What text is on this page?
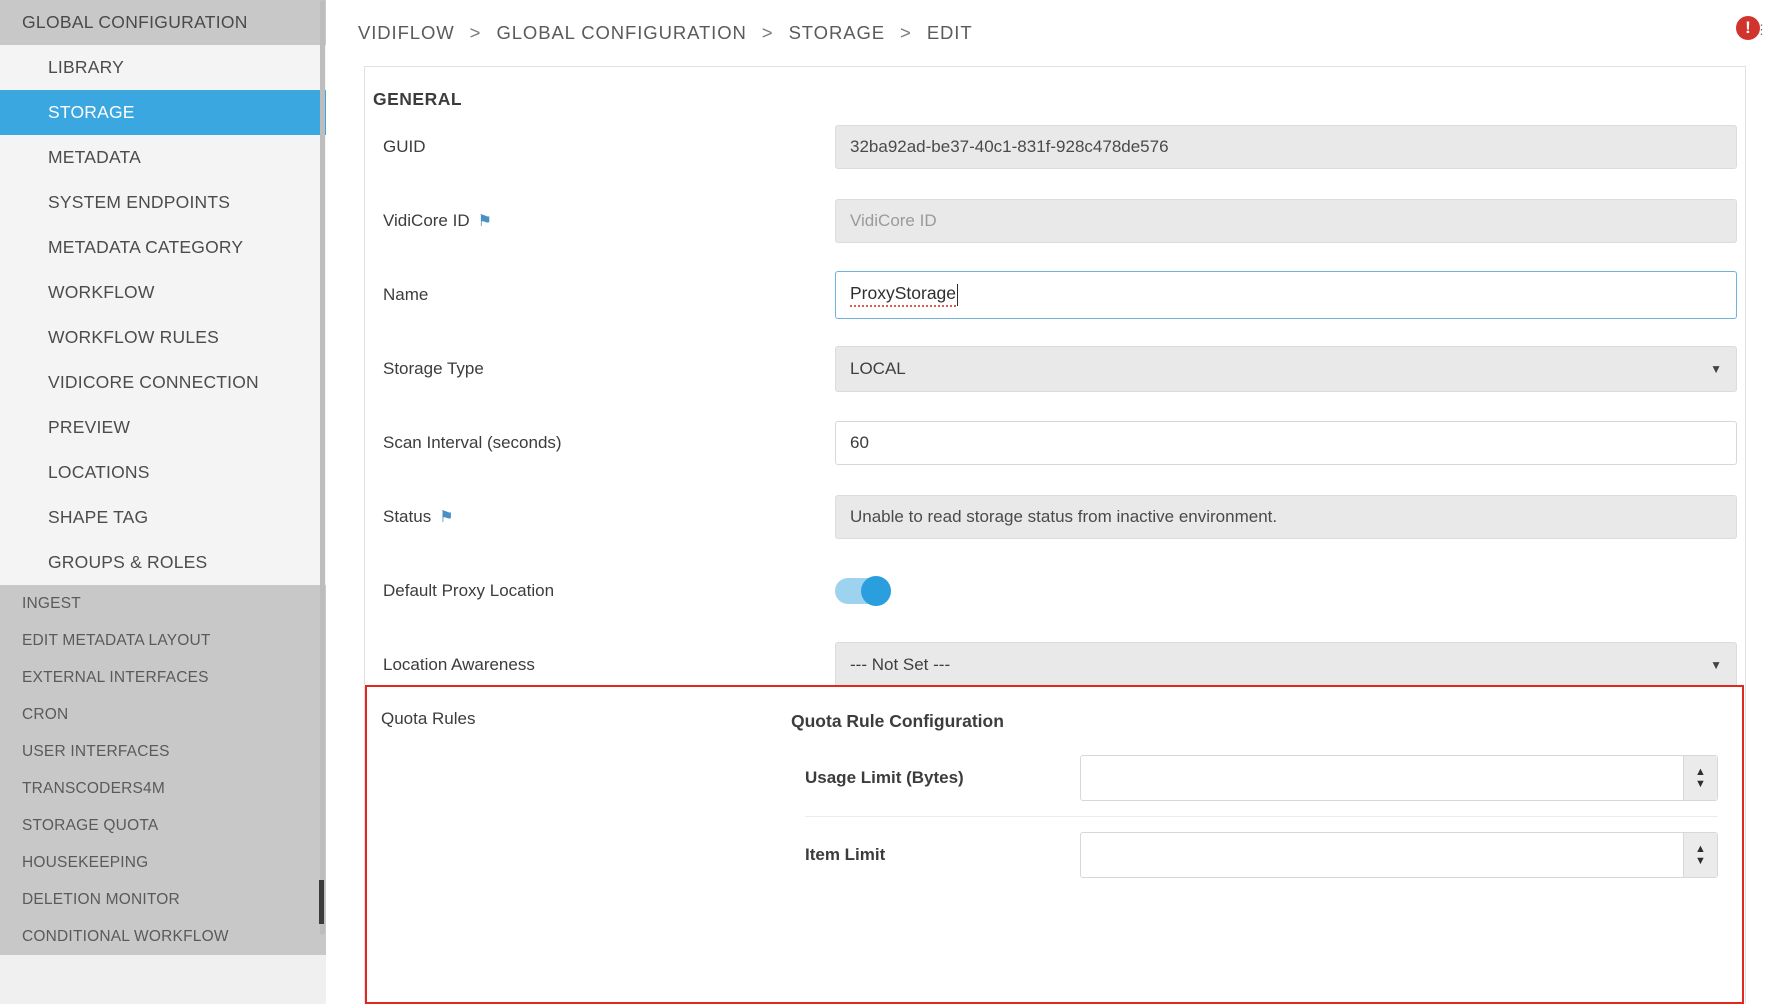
GLOBAL CONFIGURATION
LIBRARY
STORAGE
METADATA
SYSTEM ENDPOINTS
METADATA CATEGORY
WORKFLOW
WORKFLOW RULES
VIDICORE CONNECTION
PREVIEW
LOCATIONS
SHAPE TAG
GROUPS & ROLES
INGEST
EDIT METADATA LAYOUT
EXTERNAL INTERFACES
CRON
USER INTERFACES
TRANSCODERS4M
STORAGE QUOTA
HOUSEKEEPING
DELETION MONITOR
CONDITIONAL WORKFLOW
VIDIFLOW > GLOBAL CONFIGURATION > STORAGE > EDIT	! ⋮
GENERAL
GUID	32ba92ad-be37-40c1-831f-928c478de576
VidiCore ID ⚑	VidiCore ID
Name	ProxyStorage
Storage Type	LOCAL	▼
Scan Interval (seconds)	60
Status ⚑	Unable to read storage status from inactive environment.
Default Proxy Location
Location Awareness	--- Not Set ---	▼
Quota Rules	Quota Rule Configuration
Usage Limit (Bytes)	▲
▼
Item Limit	▲
▼
